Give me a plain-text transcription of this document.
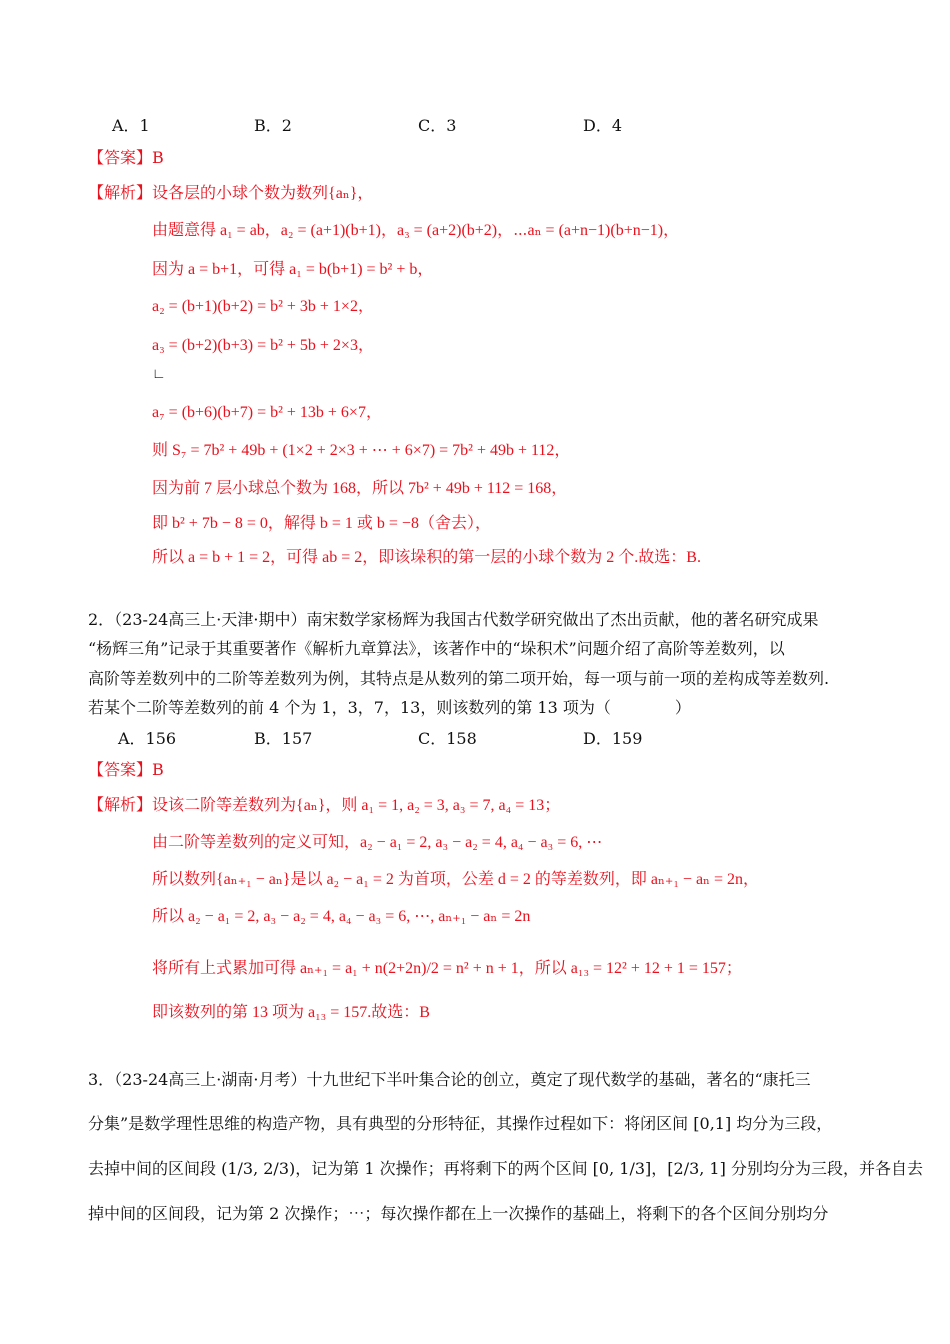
A．1	B．2	C．3	D．4
【答案】B
【解析】设各层的小球个数为数列{aₙ}，
由题意得 a₁ = ab，a₂ = (a+1)(b+1)，a₃ = (a+2)(b+2)，⋯aₙ = (a+n−1)(b+n−1)，
因为 a = b+1，可得 a₁ = b(b+1) = b² + b，
a₂ = (b+1)(b+2) = b² + 3b + 1×2，
a₃ = (b+2)(b+3) = b² + 5b + 2×3，
∟
a₇ = (b+6)(b+7) = b² + 13b + 6×7，
则 S₇ = 7b² + 49b + (1×2 + 2×3 + ⋯ + 6×7) = 7b² + 49b + 112，
因为前 7 层小球总个数为 168，所以 7b² + 49b + 112 = 168，
即 b² + 7b − 8 = 0，解得 b = 1 或 b = −8（舍去），
所以 a = b + 1 = 2，可得 ab = 2，即该垛积的第一层的小球个数为 2 个.故选：B.
2．（23-24高三上·天津·期中）南宋数学家杨辉为我国古代数学研究做出了杰出贡献，他的著名研究成果
“杨辉三角”记录于其重要著作《解析九章算法》，该著作中的“垛积术”问题介绍了高阶等差数列，以
高阶等差数列中的二阶等差数列为例，其特点是从数列的第二项开始，每一项与前一项的差构成等差数列.
若某个二阶等差数列的前 4 个为 1，3，7，13，则该数列的第 13 项为（　　　　）
A．156	B．157	C．158	D．159
【答案】B
【解析】设该二阶等差数列为{aₙ}，则 a₁ = 1, a₂ = 3, a₃ = 7, a₄ = 13；
由二阶等差数列的定义可知，a₂ − a₁ = 2, a₃ − a₂ = 4, a₄ − a₃ = 6, ⋯
所以数列{aₙ₊₁ − aₙ}是以 a₂ − a₁ = 2 为首项，公差 d = 2 的等差数列，即 aₙ₊₁ − aₙ = 2n，
所以 a₂ − a₁ = 2, a₃ − a₂ = 4, a₄ − a₃ = 6, ⋯, aₙ₊₁ − aₙ = 2n
将所有上式累加可得 aₙ₊₁ = a₁ + n(2+2n)/2 = n² + n + 1，所以 a₁₃ = 12² + 12 + 1 = 157；
即该数列的第 13 项为 a₁₃ = 157.故选：B
3．（23-24高三上·湖南·月考）十九世纪下半叶集合论的创立，奠定了现代数学的基础，著名的“康托三
分集”是数学理性思维的构造产物，具有典型的分形特征，其操作过程如下：将闭区间 [0,1] 均分为三段，
去掉中间的区间段 (1/3, 2/3)，记为第 1 次操作；再将剩下的两个区间 [0, 1/3]，[2/3, 1] 分别均分为三段，并各自去
掉中间的区间段，记为第 2 次操作；⋯；每次操作都在上一次操作的基础上，将剩下的各个区间分别均分
